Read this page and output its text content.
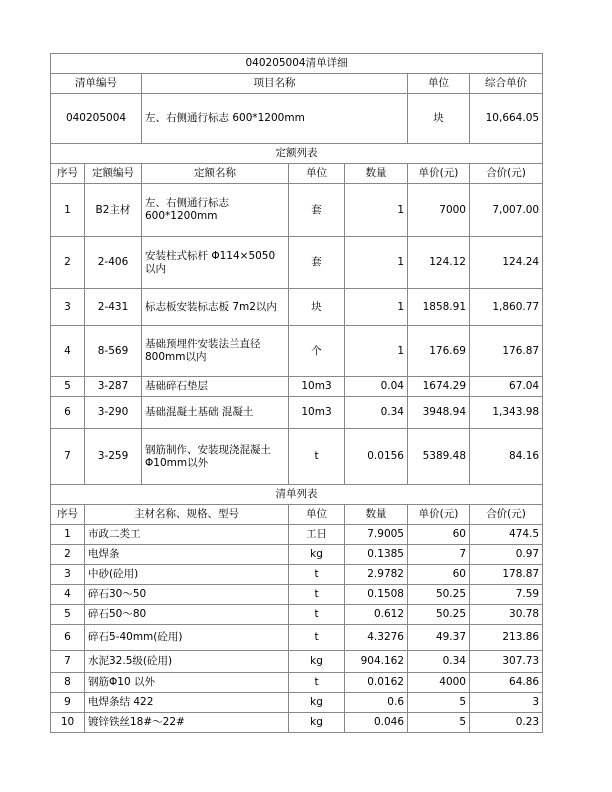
040205004清单详细						
清单编号		项目名称			单位	综合单价
040205004		左、右侧通行标志 600*1200mm			块	10,664.05
定额列表						
序号	定额编号	定额名称	单位	数量	单价(元)	合价(元)
1	B2主材	左、右侧通行标志 600*1200mm	套	1	7000	7,007.00
2	2-406	安装柱式标杆 Φ114×5050 以内	套	1	124.12	124.24
3	2-431	标志板安装标志板 7m2以内	块	1	1858.91	1,860.77
4	8-569	基础预埋件安装法兰直径 800mm以内	个	1	176.69	176.87
5	3-287	基础碎石垫层	10m3	0.04	1674.29	67.04
6	3-290	基础混凝土基础 混凝土	10m3	0.34	3948.94	1,343.98
7	3-259	钢筋制作、安装现浇混凝土 Φ10mm以外	t	0.0156	5389.48	84.16
清单列表						
序号	主材名称、规格、型号		单位	数量	单价(元)	合价(元)
1	市政二类工		工日	7.9005	60	474.5
2	电焊条		kg	0.1385	7	0.97
3	中砂(砼用)		t	2.9782	60	178.87
4	碎石30～50		t	0.1508	50.25	7.59
5	碎石50～80		t	0.612	50.25	30.78
6	碎石5-40mm(砼用)		t	4.3276	49.37	213.86
7	水泥32.5级(砼用)		kg	904.162	0.34	307.73
8	钢筋Φ10 以外		t	0.0162	4000	64.86
9	电焊条结 422		kg	0.6	5	3
10	镀锌铁丝18#～22#		kg	0.046	5	0.23
